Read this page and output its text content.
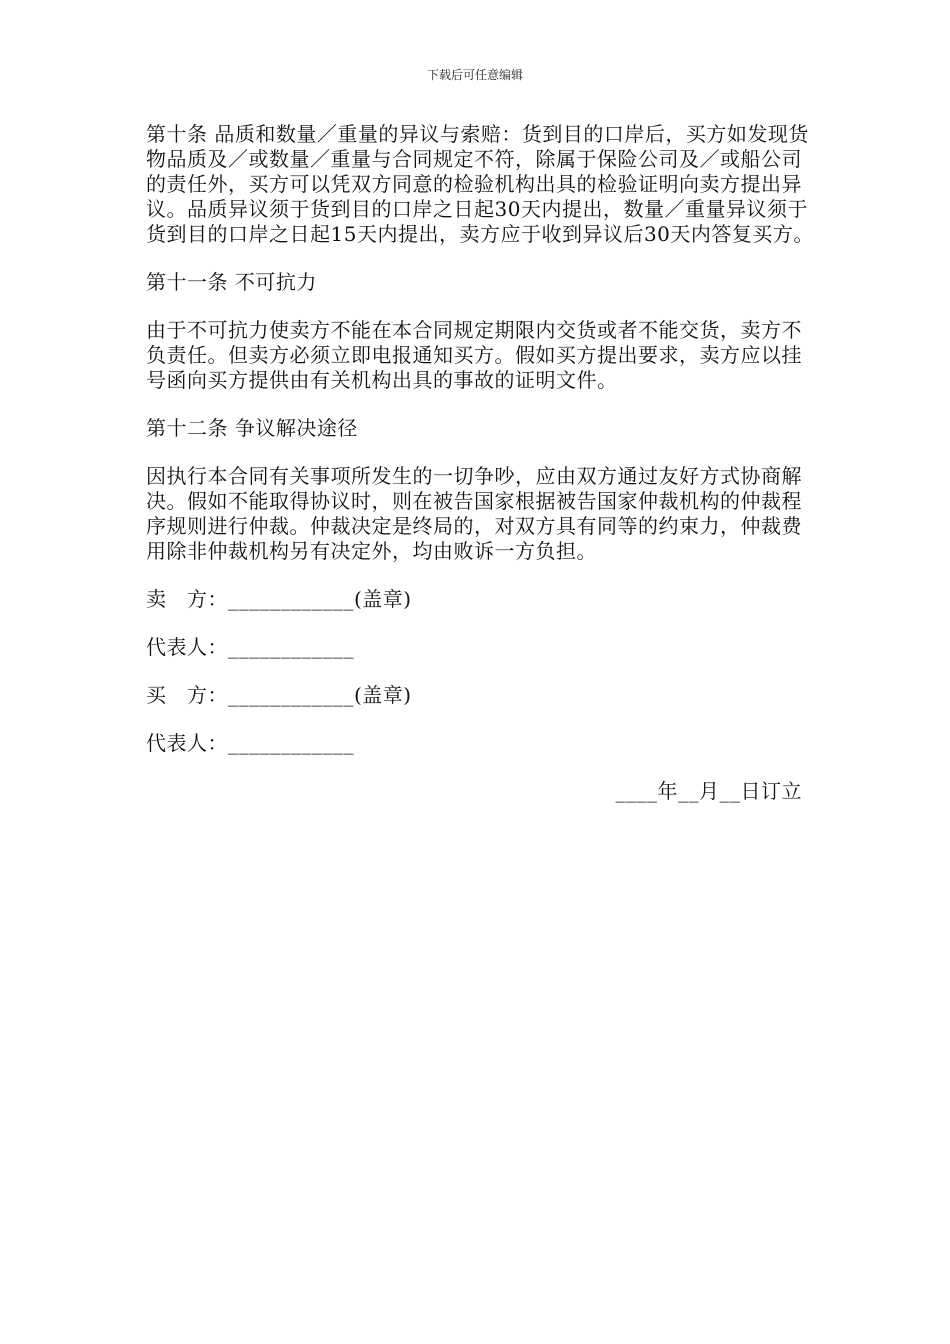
下载后可任意编辑

第十条 品质和数量／重量的异议与索赔：货到目的口岸后，买方如发现货物品质及／或数量／重量与合同规定不符，除属于保险公司及／或船公司的责任外，买方可以凭双方同意的检验机构出具的检验证明向卖方提出异议。品质异议须于货到目的口岸之日起30天内提出，数量／重量异议须于货到目的口岸之日起15天内提出，卖方应于收到异议后30天内答复买方。

第十一条 不可抗力

由于不可抗力使卖方不能在本合同规定期限内交货或者不能交货，卖方不负责任。但卖方必须立即电报通知买方。假如买方提出要求，卖方应以挂号函向买方提供由有关机构出具的事故的证明文件。

第十二条 争议解决途径

因执行本合同有关事项所发生的一切争吵，应由双方通过友好方式协商解决。假如不能取得协议时，则在被告国家根据被告国家仲裁机构的仲裁程序规则进行仲裁。仲裁决定是终局的，对双方具有同等的约束力，仲裁费用除非仲裁机构另有决定外，均由败诉一方负担。

卖　方：____________(盖章)

代表人：____________

买　方：____________(盖章)

代表人：____________

____年__月__日订立
